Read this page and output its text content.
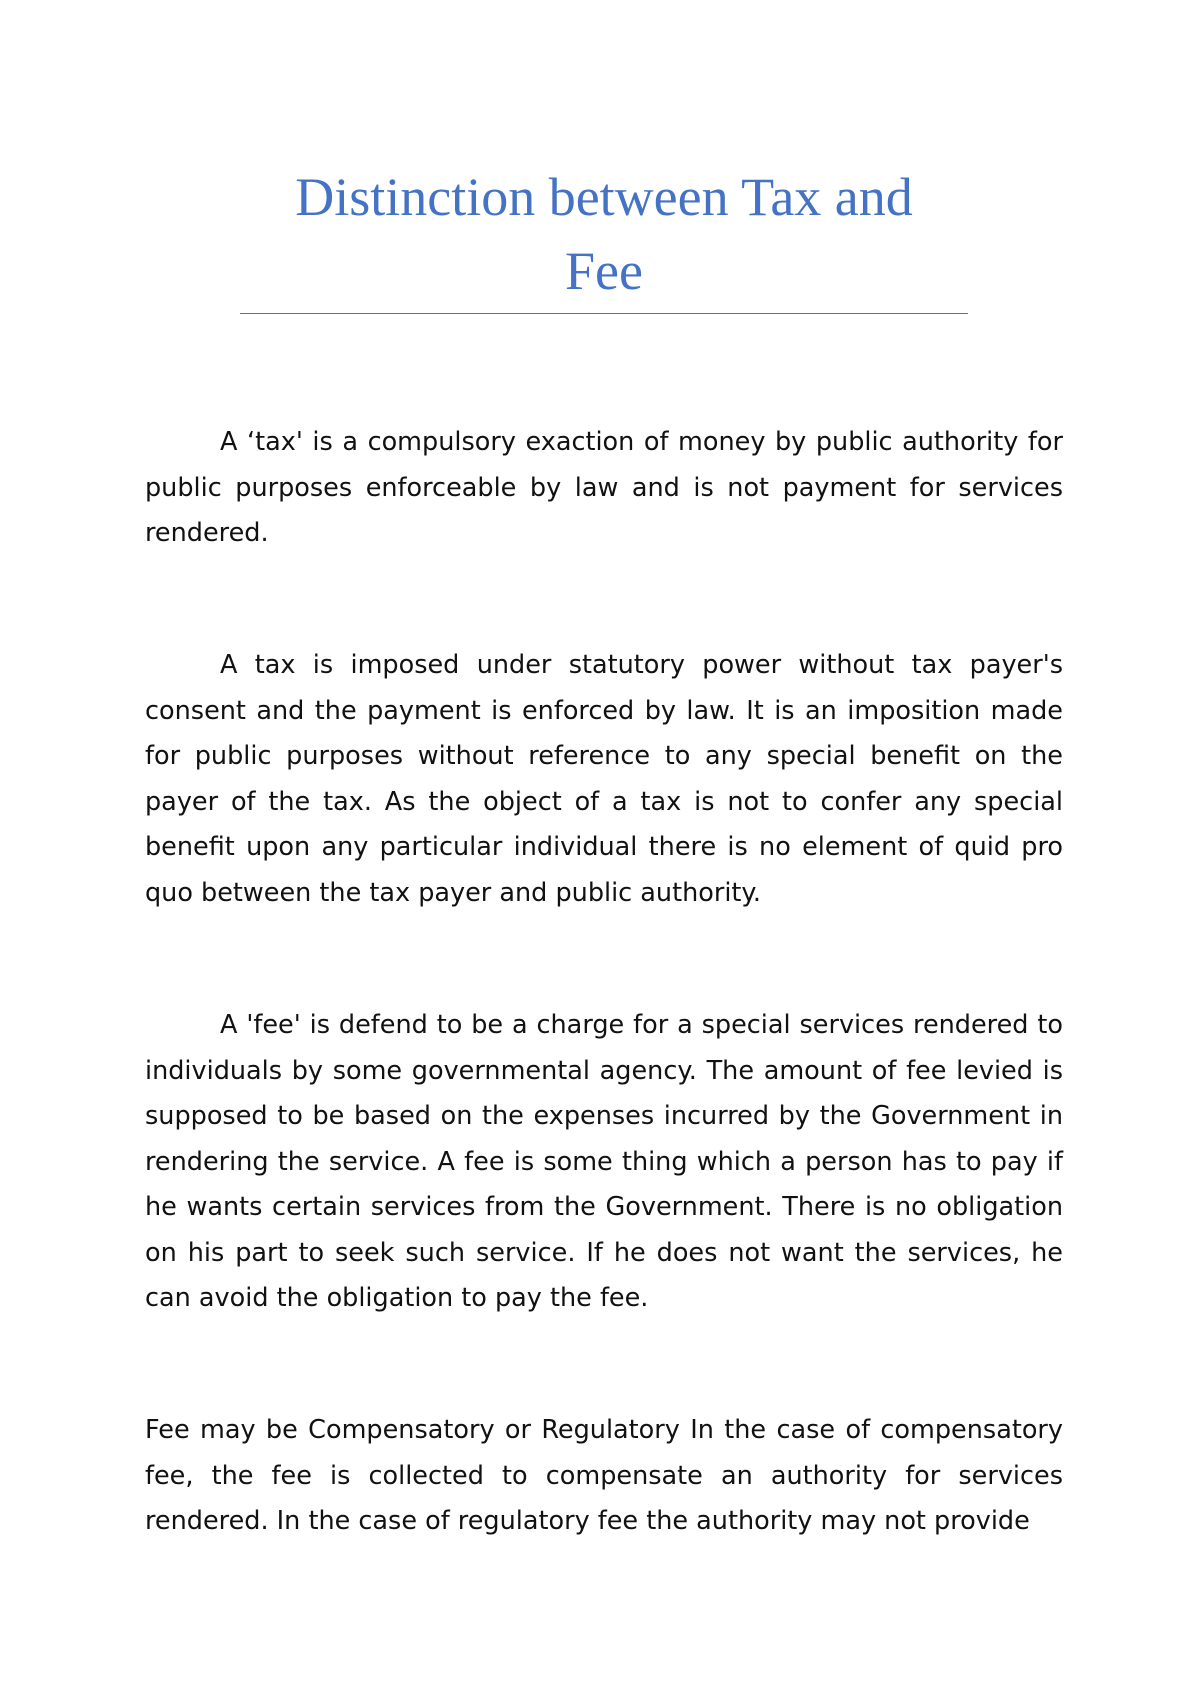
Distinction between Tax and
Fee

A ‘tax' is a compulsory exaction of money by public authority for public purposes enforceable by law and is not payment for services rendered.

A tax is imposed under statutory power without tax payer's consent and the payment is enforced by law. It is an imposition made for public purposes without reference to any special benefit on the payer of the tax. As the object of a tax is not to confer any special benefit upon any particular individual there is no element of quid pro quo between the tax payer and public authority.

A 'fee' is defend to be a charge for a special services rendered to individuals by some governmental agency. The amount of fee levied is supposed to be based on the expenses incurred by the Government in rendering the service. A fee is some thing which a person has to pay if he wants certain services from the Government. There is no obligation on his part to seek such service. If he does not want the services, he can avoid the obligation to pay the fee.

Fee may be Compensatory or Regulatory In the case of compensatory fee, the fee is collected to compensate an authority for services rendered. In the case of regulatory fee the authority may not provide
